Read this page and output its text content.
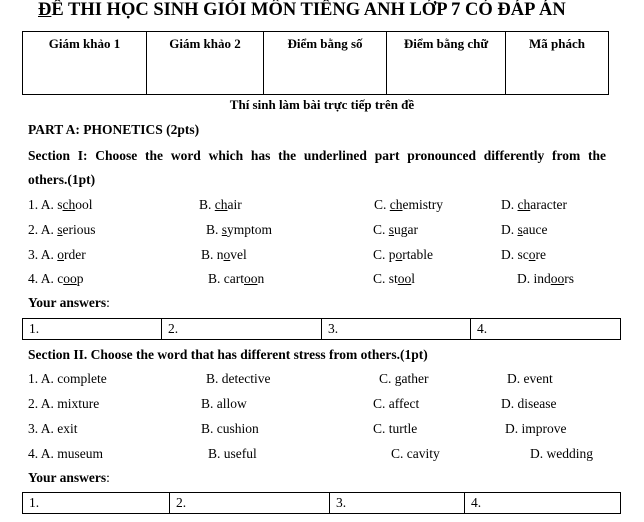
ĐỀ THI HỌC SINH GIỎI MÔN TIẾNG ANH LỚP 7 CÓ ĐÁP ÁN
Giám khảo 1	Giám khảo 2	Điểm bằng số	Điểm bằng chữ	Mã phách
Thí sinh làm bài trực tiếp trên đề
PART A: PHONETICS (2pts)
Section I: Choose the word which has the underlined part pronounced differently from the
others.(1pt)
1. A. school	B. chair	C. chemistry	D. character
2. A. serious	B. symptom	C. sugar	D. sauce
3. A. order	B. novel	C. portable	D. score
4. A. coop	B. cartoon	C. stool	D. indoors
Your answers:
1.	2.	3.	4.
Section II. Choose the word that has different stress from others.(1pt)
1. A. complete	B. detective	C. gather	D. event
2. A. mixture	B. allow	C. affect	D. disease
3. A. exit	B. cushion	C. turtle	D. improve
4. A. museum	B. useful	C. cavity	D. wedding
Your answers:
1.	2.	3.	4.
